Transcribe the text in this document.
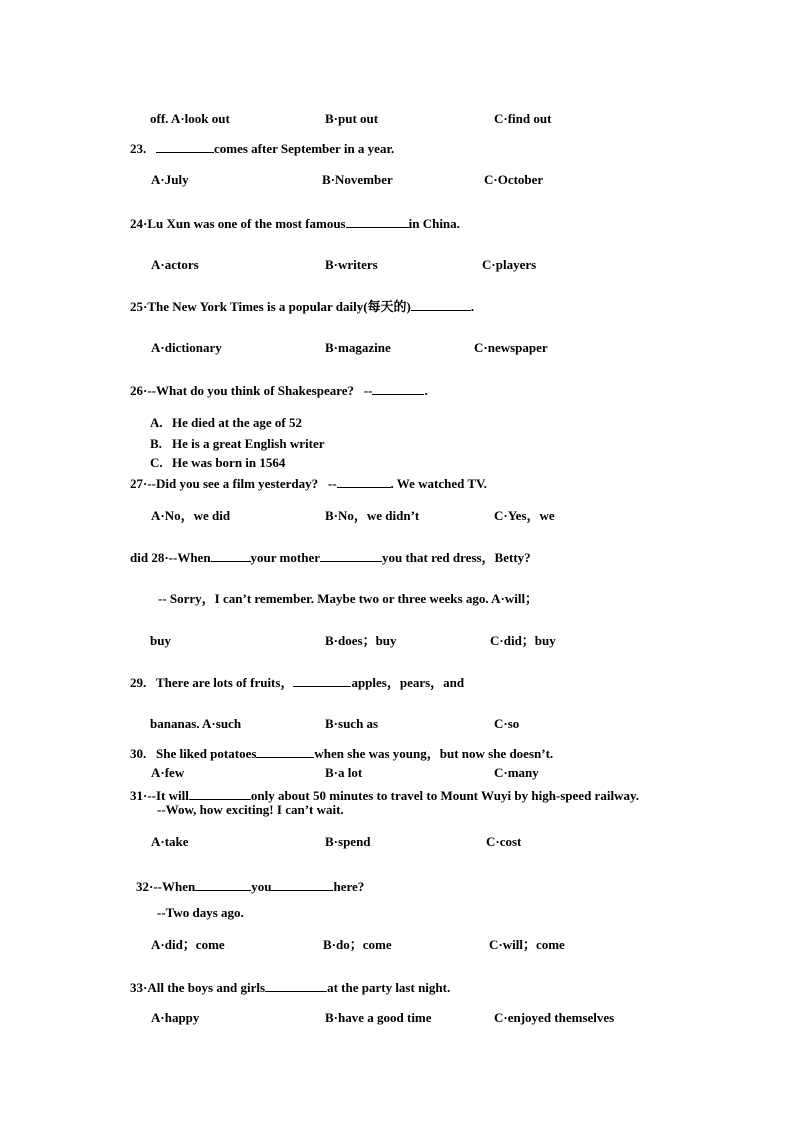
off. A·look out	B·put out	C·find out
23.	comes after September in a year.
A·July	B·November	C·October
24·Lu Xun was one of the most famous	in China.
A·actors	B·writers	C·players
25·The New York Times is a popular daily(每天的)	.
A·dictionary	B·magazine	C·newspaper
26·--What do you think of Shakespeare?   --	.
A. He died at the age of 52
B. He is a great English writer
C. He was born in 1564
27·--Did you see a film yesterday?   --	. We watched TV.
A·No，we did	B·No，we didn’t	C·Yes，we
did 28·--When	your mother	you that red dress，Betty?
-- Sorry，I can’t remember. Maybe two or three weeks ago. A·will；
buy	B·does；buy	C·did；buy
29. There are lots of fruits，	apples，pears，and
bananas. A·such	B·such as	C·so
30. She liked potatoes	when she was young，but now she doesn’t.
A·few	B·a lot	C·many
31·--It will	only about 50 minutes to travel to Mount Wuyi by high-speed railway.
--Wow, how exciting! I can’t wait.
A·take	B·spend	C·cost
32·--When	you	here?
--Two days ago.
A·did；come	B·do；come	C·will；come
33·All the boys and girls	at the party last night.
A·happy	B·have a good time	C·enjoyed themselves
